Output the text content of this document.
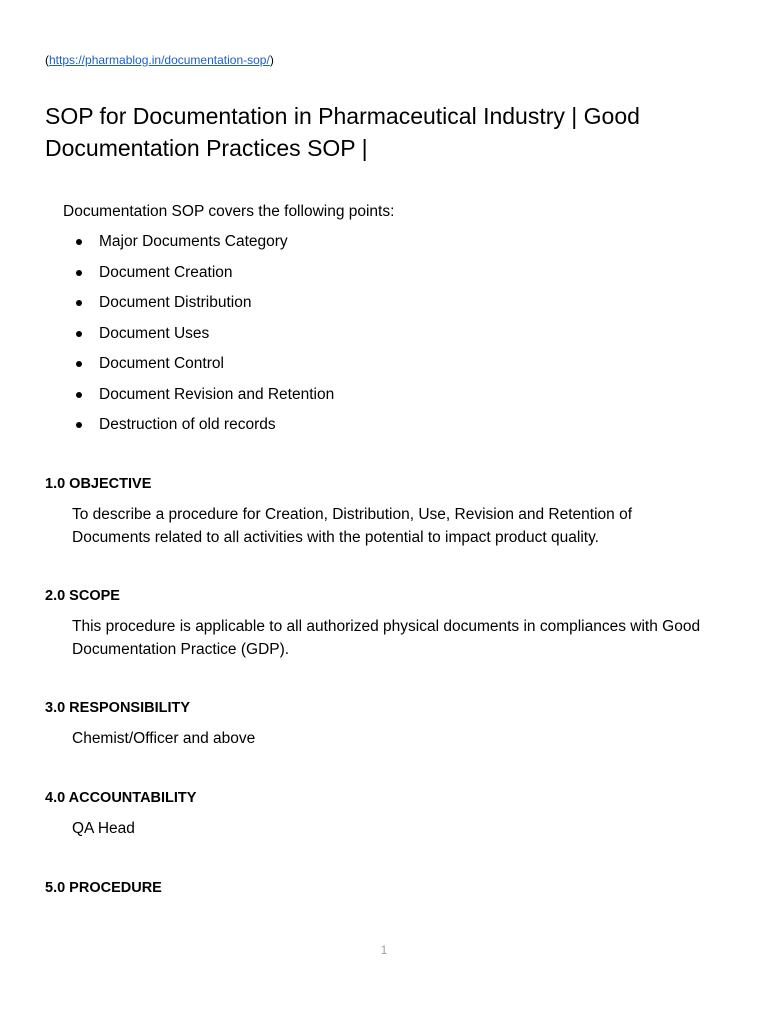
(https://pharmablog.in/documentation-sop/)
SOP for Documentation in Pharmaceutical Industry | Good Documentation Practices SOP |
Documentation SOP covers the following points:
Major Documents Category
Document Creation
Document Distribution
Document Uses
Document Control
Document Revision and Retention
Destruction of old records
1.0 OBJECTIVE

To describe a procedure for Creation, Distribution, Use, Revision and Retention of Documents related to all activities with the potential to impact product quality.

2.0 SCOPE

This procedure is applicable to all authorized physical documents in compliances with Good Documentation Practice (GDP).

3.0 RESPONSIBILITY

Chemist/Officer and above

4.0 ACCOUNTABILITY

QA Head

5.0 PROCEDURE
1
